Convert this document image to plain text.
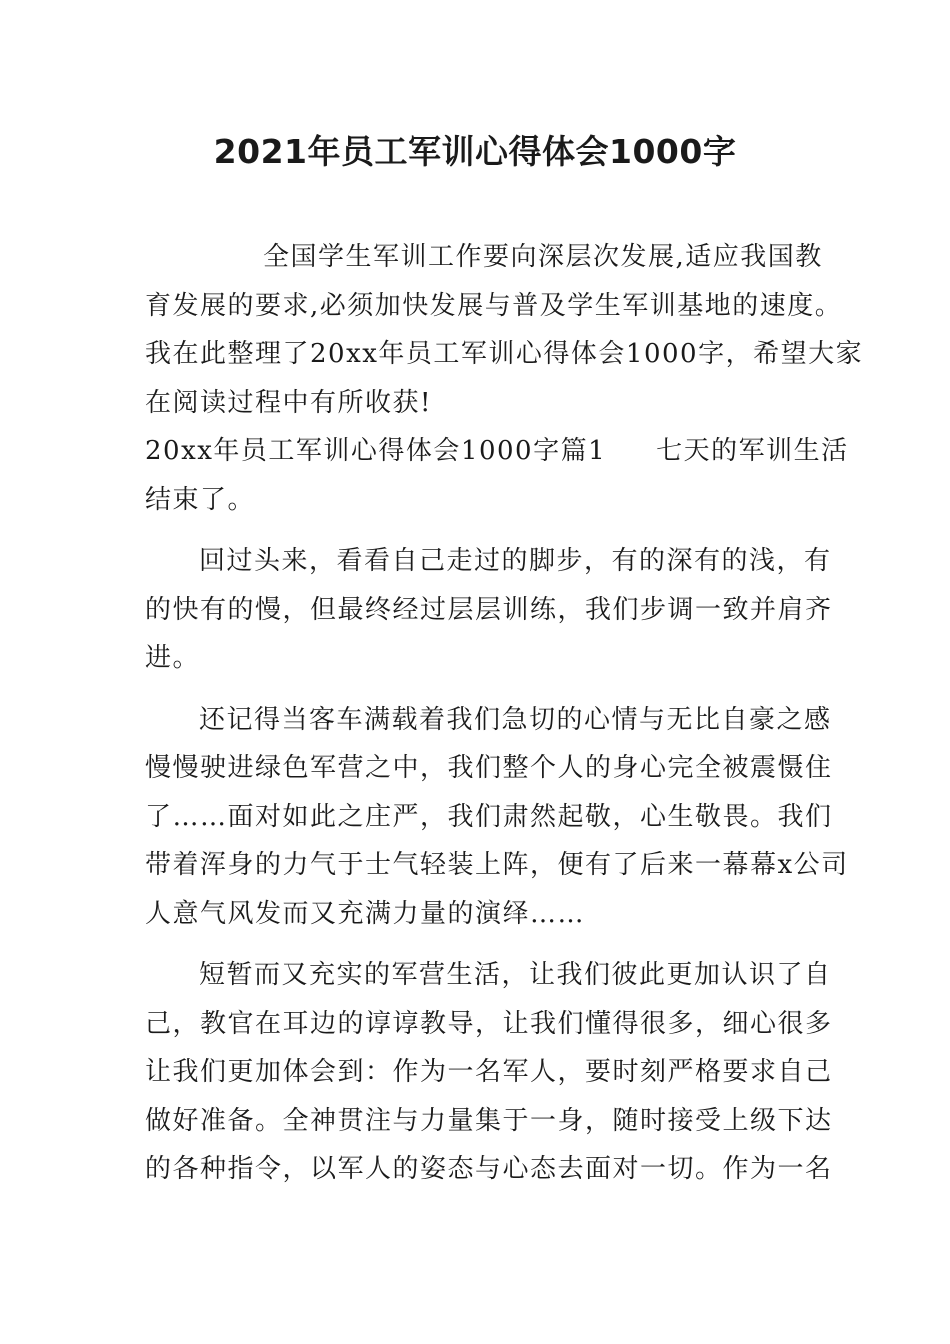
2021年员工军训心得体会1000字
全国学生军训工作要向深层次发展,适应我国教
育发展的要求,必须加快发展与普及学生军训基地的速度。
我在此整理了20xx年员工军训心得体会1000字，希望大家
在阅读过程中有所收获!
20xx年员工军训心得体会1000字篇1 七天的军训生活
结束了。
回过头来，看看自己走过的脚步，有的深有的浅，有
的快有的慢，但最终经过层层训练，我们步调一致并肩齐
进。
还记得当客车满载着我们急切的心情与无比自豪之感
慢慢驶进绿色军营之中，我们整个人的身心完全被震慑住
了……面对如此之庄严，我们肃然起敬，心生敬畏。我们
带着浑身的力气于士气轻装上阵，便有了后来一幕幕x公司
人意气风发而又充满力量的演绎……
短暂而又充实的军营生活，让我们彼此更加认识了自
己，教官在耳边的谆谆教导，让我们懂得很多，细心很多
让我们更加体会到：作为一名军人，要时刻严格要求自己
做好准备。全神贯注与力量集于一身，随时接受上级下达
的各种指令，以军人的姿态与心态去面对一切。作为一名
